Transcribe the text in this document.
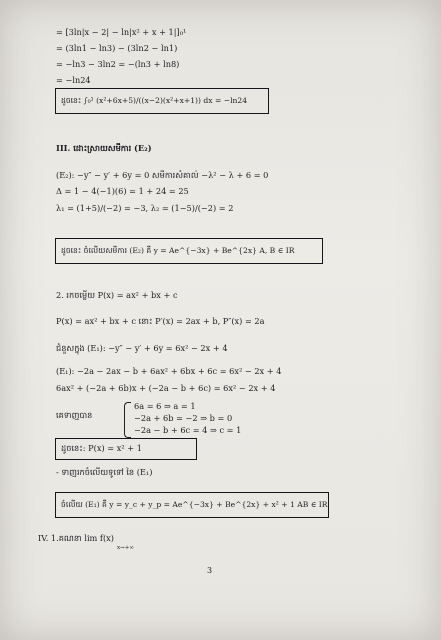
= [3ln|x − 2| − ln|x² + x + 1|]₀¹
= (3ln1 − ln3) − (3ln2 − ln1)
= −ln3 − 3ln2 = −(ln3 + ln8)
= −ln24
ដូចនេះ ∫₀¹ (x²+6x+5)/((x−2)(x²+x+1)) dx = −ln24
III. ដោះស្រាយសមីការ (E₂)
(E₂): −y″ − y′ + 6y = 0 សមីការសំគាល់ −λ² − λ + 6 = 0
Δ = 1 − 4(−1)(6) = 1 + 24 = 25
λ₁ = (1+5)/(−2) = −3, λ₂ = (1−5)/(−2) = 2
ដូចនេះ ចំលើយសមីការ (E₂) គឺ y = Ae^{−3x} + Be^{2x} A, B ∈ IR
2. រកចម្លើយ P(x) = ax² + bx + c
P(x) = ax² + bx + c នោះ P′(x) = 2ax + b, P″(x) = 2a
ជំនួសក្នុង (E₁): −y″ − y′ + 6y = 6x² − 2x + 4
(E₁): −2a − 2ax − b + 6ax² + 6bx + 6c = 6x² − 2x + 4
6ax² + (−2a + 6b)x + (−2a − b + 6c) = 6x² − 2x + 4
គេទាញបាន
6a = 6 ⇒ a = 1
−2a + 6b = −2 ⇒ b = 0
−2a − b + 6c = 4 ⇒ c = 1
ដូចនេះ: P(x) = x² + 1
- ទាញរកចំលើយទូទៅ នៃ (E₁)
ចំលើយ (E₁) គឺ y = y_c + y_p = Ae^{−3x} + Be^{2x} + x² + 1 AB ∈ IR
IV. 1.គណនា lim f(x)
x→+∞
3
